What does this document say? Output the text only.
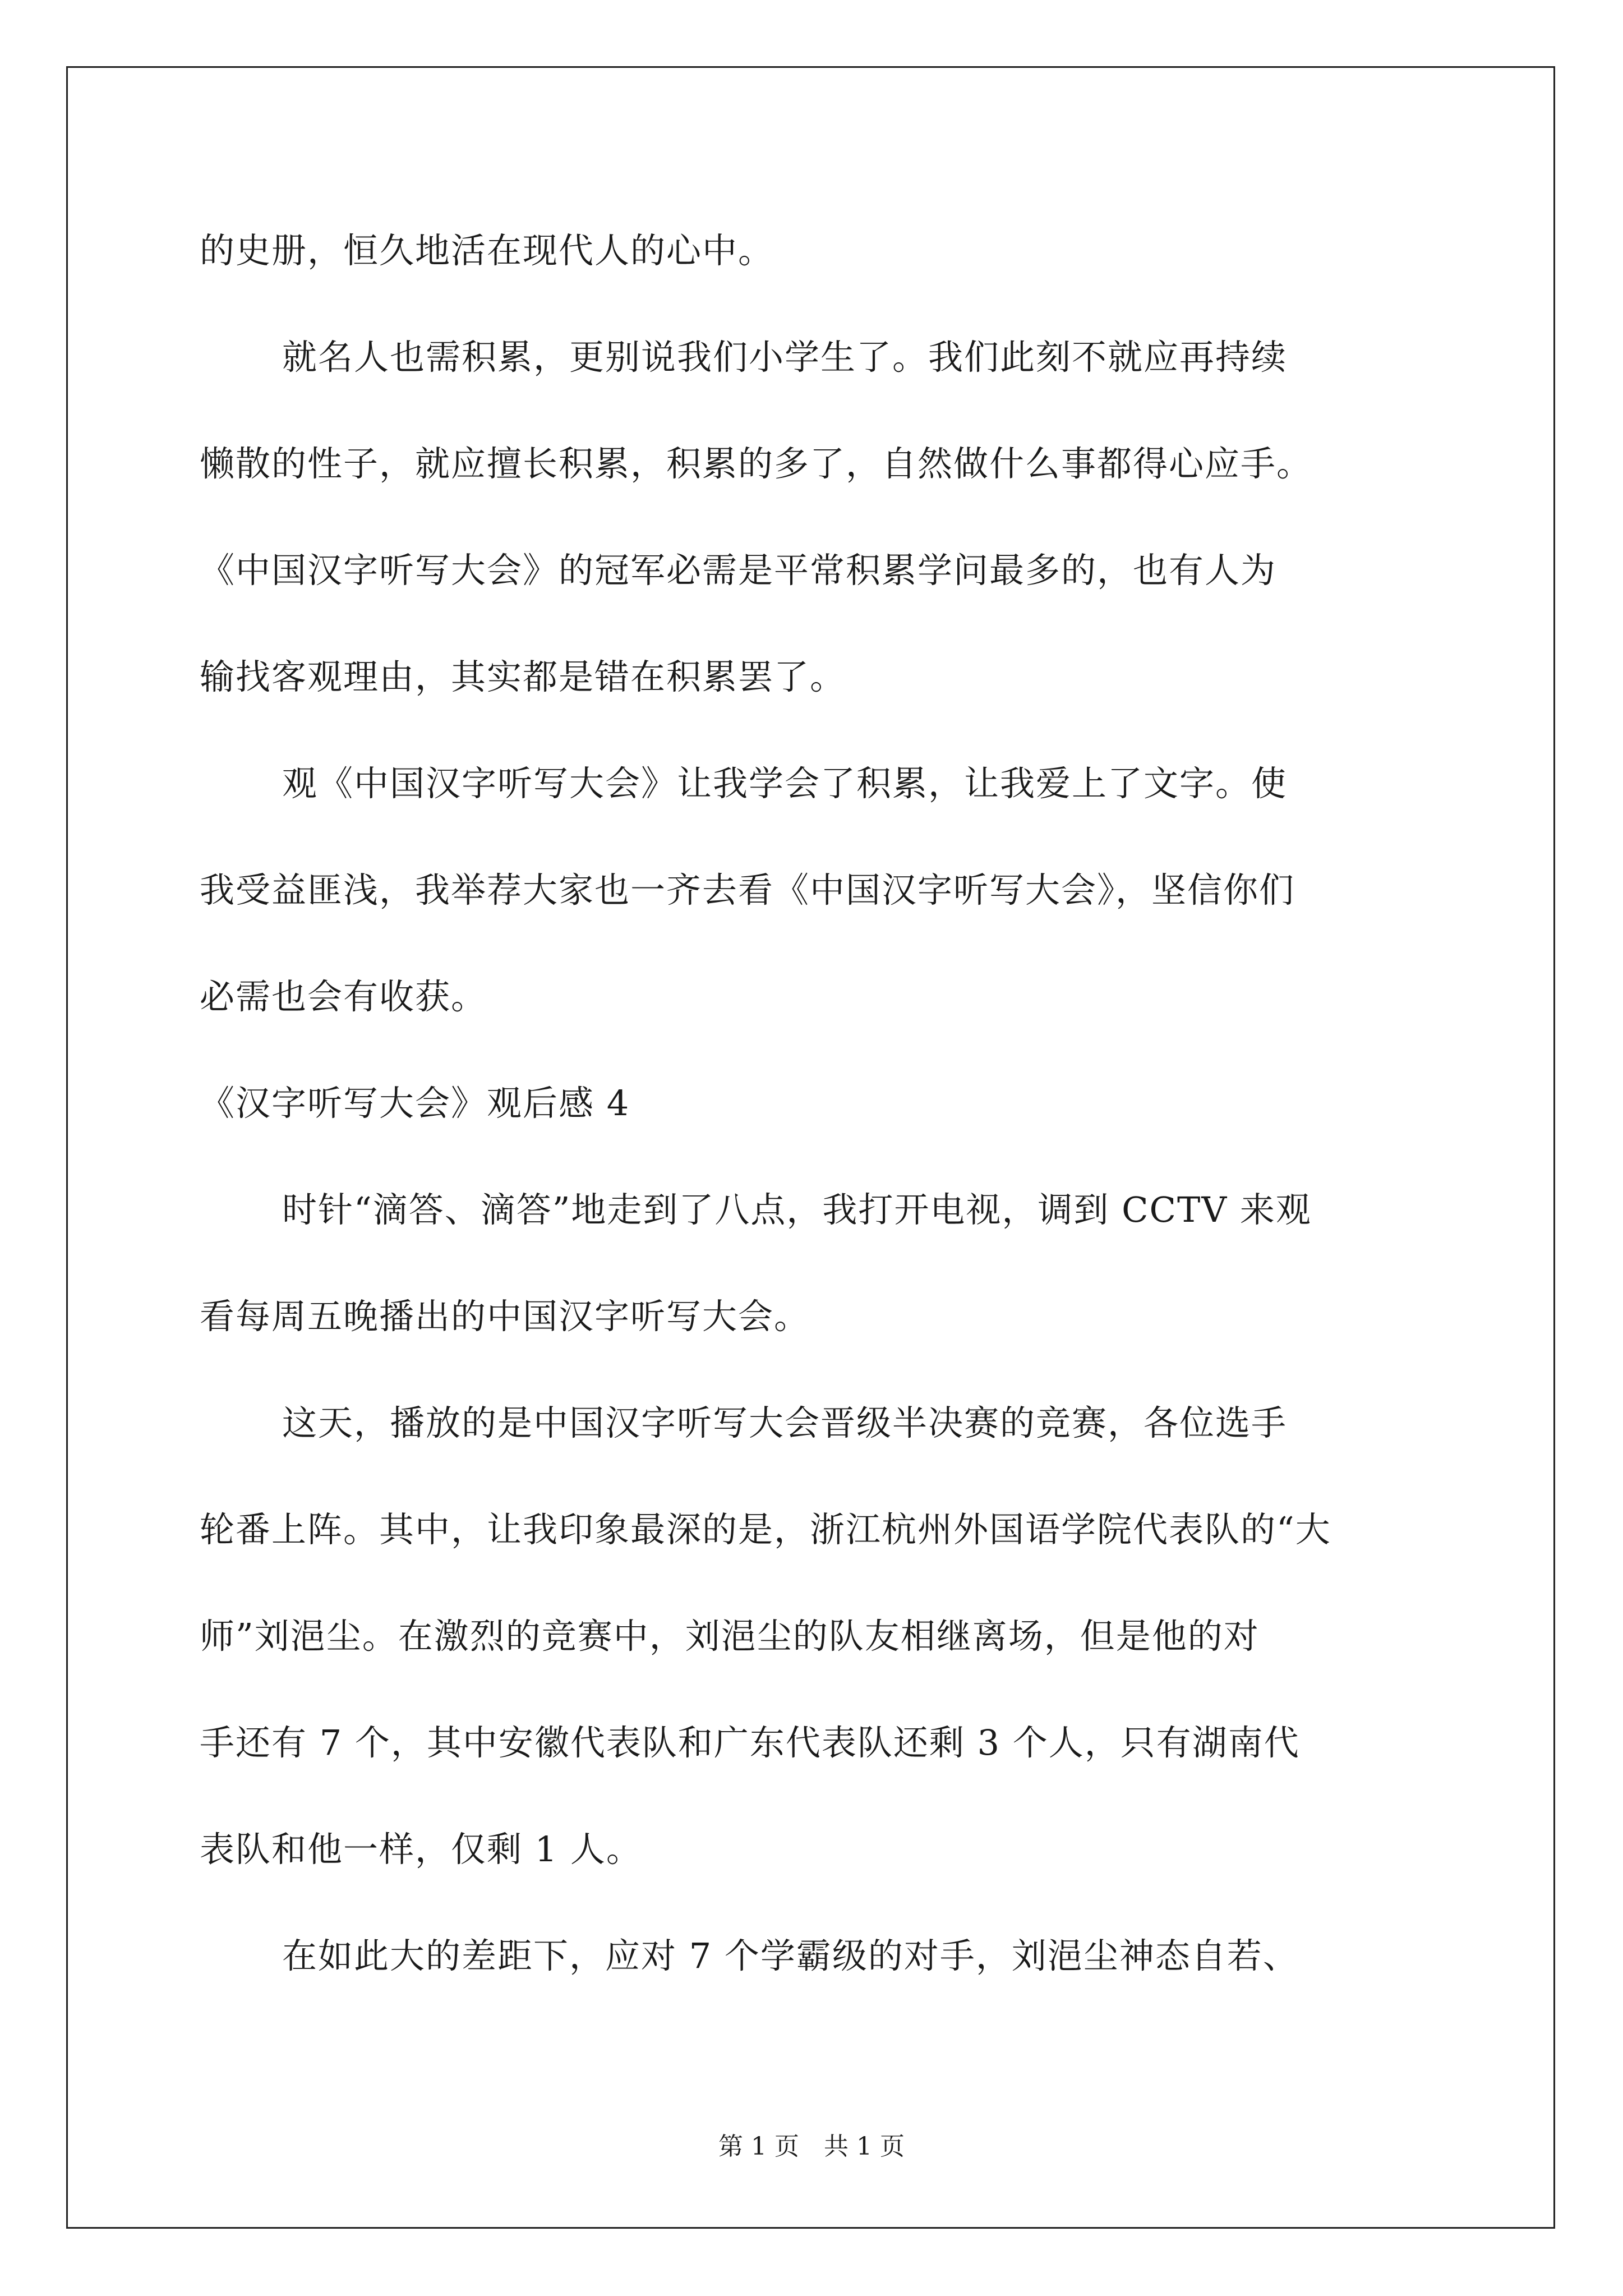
的史册，恒久地活在现代人的心中。

就名人也需积累，更别说我们小学生了。我们此刻不就应再持续

懒散的性子，就应擅长积累，积累的多了，自然做什么事都得心应手。

《中国汉字听写大会》的冠军必需是平常积累学问最多的，也有人为

输找客观理由，其实都是错在积累罢了。

观《中国汉字听写大会》让我学会了积累，让我爱上了文字。使

我受益匪浅，我举荐大家也一齐去看《中国汉字听写大会》，坚信你们

必需也会有收获。

《汉字听写大会》观后感 4

时针“滴答、滴答”地走到了八点，我打开电视，调到 CCTV 来观

看每周五晚播出的中国汉字听写大会。

这天，播放的是中国汉字听写大会晋级半决赛的竞赛，各位选手

轮番上阵。其中，让我印象最深的是，浙江杭州外国语学院代表队的“大

师”刘浥尘。在激烈的竞赛中，刘浥尘的队友相继离场，但是他的对

手还有 7 个，其中安徽代表队和广东代表队还剩 3 个人，只有湖南代

表队和他一样，仅剩 1 人。

在如此大的差距下，应对 7 个学霸级的对手，刘浥尘神态自若、

第 1 页　共 1 页
